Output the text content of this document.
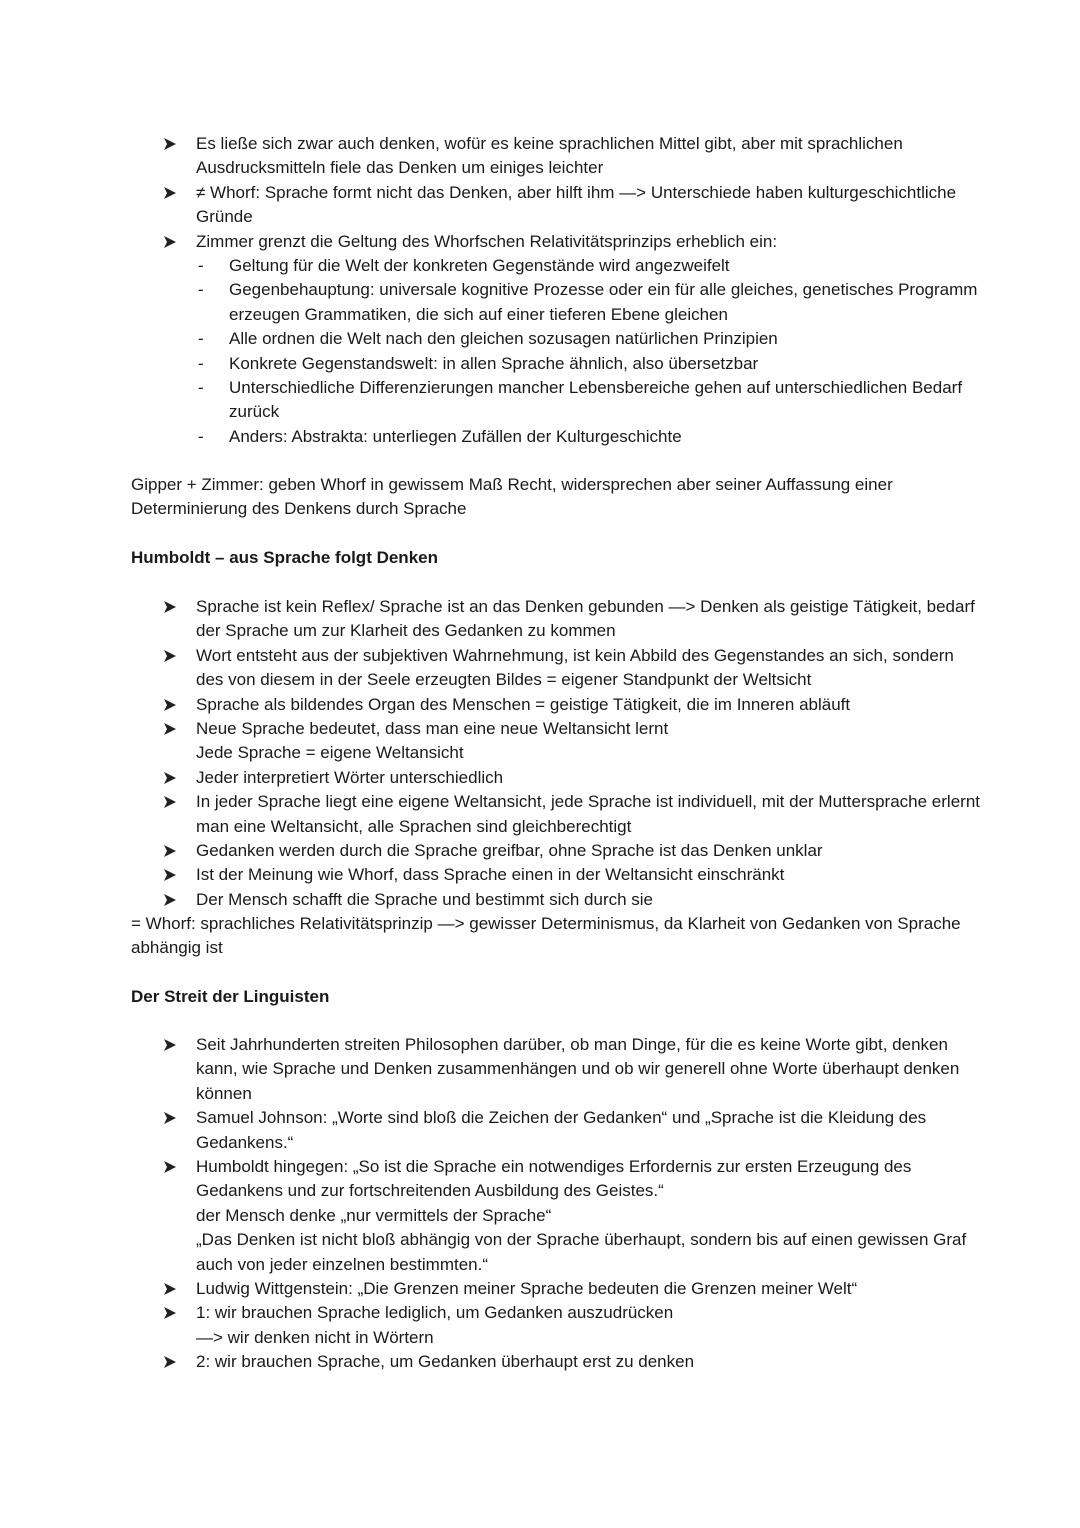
Es ließe sich zwar auch denken, wofür es keine sprachlichen Mittel gibt, aber mit sprachlichen Ausdrucksmitteln fiele das Denken um einiges leichter
≠ Whorf: Sprache formt nicht das Denken, aber hilft ihm —> Unterschiede haben kulturgeschichtliche Gründe
Zimmer grenzt die Geltung des Whorfschen Relativitätsprinzips erheblich ein:
- Geltung für die Welt der konkreten Gegenstände wird angezweifelt
- Gegenbehauptung: universale kognitive Prozesse oder ein für alle gleiches, genetisches Programm erzeugen Grammatiken, die sich auf einer tieferen Ebene gleichen
- Alle ordnen die Welt nach den gleichen sozusagen natürlichen Prinzipien
- Konkrete Gegenstandswelt: in allen Sprache ähnlich, also übersetzbar
- Unterschiedliche Differenzierungen mancher Lebensbereiche gehen auf unterschiedlichen Bedarf zurück
- Anders: Abstrakta: unterliegen Zufällen der Kulturgeschichte
Gipper + Zimmer: geben Whorf in gewissem Maß Recht, widersprechen aber seiner Auffassung einer Determinierung des Denkens durch Sprache
Humboldt – aus Sprache folgt Denken
Sprache ist kein Reflex/ Sprache ist an das Denken gebunden —> Denken als geistige Tätigkeit, bedarf der Sprache um zur Klarheit des Gedanken zu kommen
Wort entsteht aus der subjektiven Wahrnehmung, ist kein Abbild des Gegenstandes an sich, sondern des von diesem in der Seele erzeugten Bildes = eigener Standpunkt der Weltsicht
Sprache als bildendes Organ des Menschen = geistige Tätigkeit, die im Inneren abläuft
Neue Sprache bedeutet, dass man eine neue Weltansicht lernt
Jede Sprache = eigene Weltansicht
Jeder interpretiert Wörter unterschiedlich
In jeder Sprache liegt eine eigene Weltansicht, jede Sprache ist individuell, mit der Muttersprache erlernt man eine Weltansicht, alle Sprachen sind gleichberechtigt
Gedanken werden durch die Sprache greifbar, ohne Sprache ist das Denken unklar
Ist der Meinung wie Whorf, dass Sprache einen in der Weltansicht einschränkt
Der Mensch schafft die Sprache und bestimmt sich durch sie
= Whorf: sprachliches Relativitätsprinzip —> gewisser Determinismus, da Klarheit von Gedanken von Sprache abhängig ist
Der Streit der Linguisten
Seit Jahrhunderten streiten Philosophen darüber, ob man Dinge, für die es keine Worte gibt, denken kann, wie Sprache und Denken zusammenhängen und ob wir generell ohne Worte überhaupt denken können
Samuel Johnson: „Worte sind bloß die Zeichen der Gedanken“ und „Sprache ist die Kleidung des Gedankens.“
Humboldt hingegen: „So ist die Sprache ein notwendiges Erfordernis zur ersten Erzeugung des Gedankens und zur fortschreitenden Ausbildung des Geistes.“
der Mensch denke „nur vermittels der Sprache“
„Das Denken ist nicht bloß abhängig von der Sprache überhaupt, sondern bis auf einen gewissen Graf auch von jeder einzelnen bestimmten.“
Ludwig Wittgenstein: „Die Grenzen meiner Sprache bedeuten die Grenzen meiner Welt“
1: wir brauchen Sprache lediglich, um Gedanken auszudrücken
—> wir denken nicht in Wörtern
2: wir brauchen Sprache, um Gedanken überhaupt erst zu denken
